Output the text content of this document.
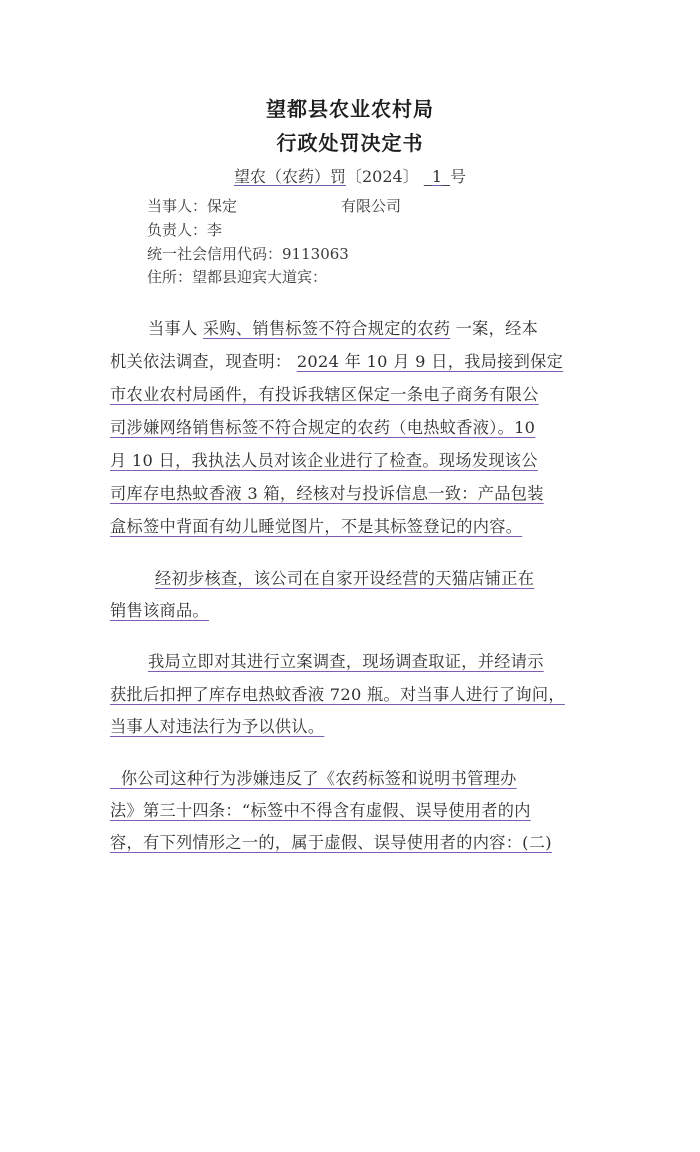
望都县农业农村局
行政处罚决定书
望农（农药）罚〔2024〕 _1_号
当事人：保定	有限公司
负责人：李
统一社会信用代码：9113063
住所：望都县迎宾大道宾：
当事人 采购、销售标签不符合规定的农药 一案，经本
机关依法调查，现查明： 2024 年 10 月 9 日，我局接到保定
市农业农村局函件，有投诉我辖区保定一条电子商务有限公
司涉嫌网络销售标签不符合规定的农药（电热蚊香液）。10
月 10 日，我执法人员对该企业进行了检查。现场发现该公
司库存电热蚊香液 3 箱，经核对与投诉信息一致：产品包装
盒标签中背面有幼儿睡觉图片，不是其标签登记的内容。
经初步核查，该公司在自家开设经营的天猫店铺正在
销售该商品。
我局立即对其进行立案调查，现场调查取证，并经请示
获批后扣押了库存电热蚊香液 720 瓶。对当事人进行了询问，
当事人对违法行为予以供认。
你公司这种行为涉嫌违反了《农药标签和说明书管理办
法》第三十四条：“标签中不得含有虚假、误导使用者的内
容，有下列情形之一的，属于虚假、误导使用者的内容：(二)
